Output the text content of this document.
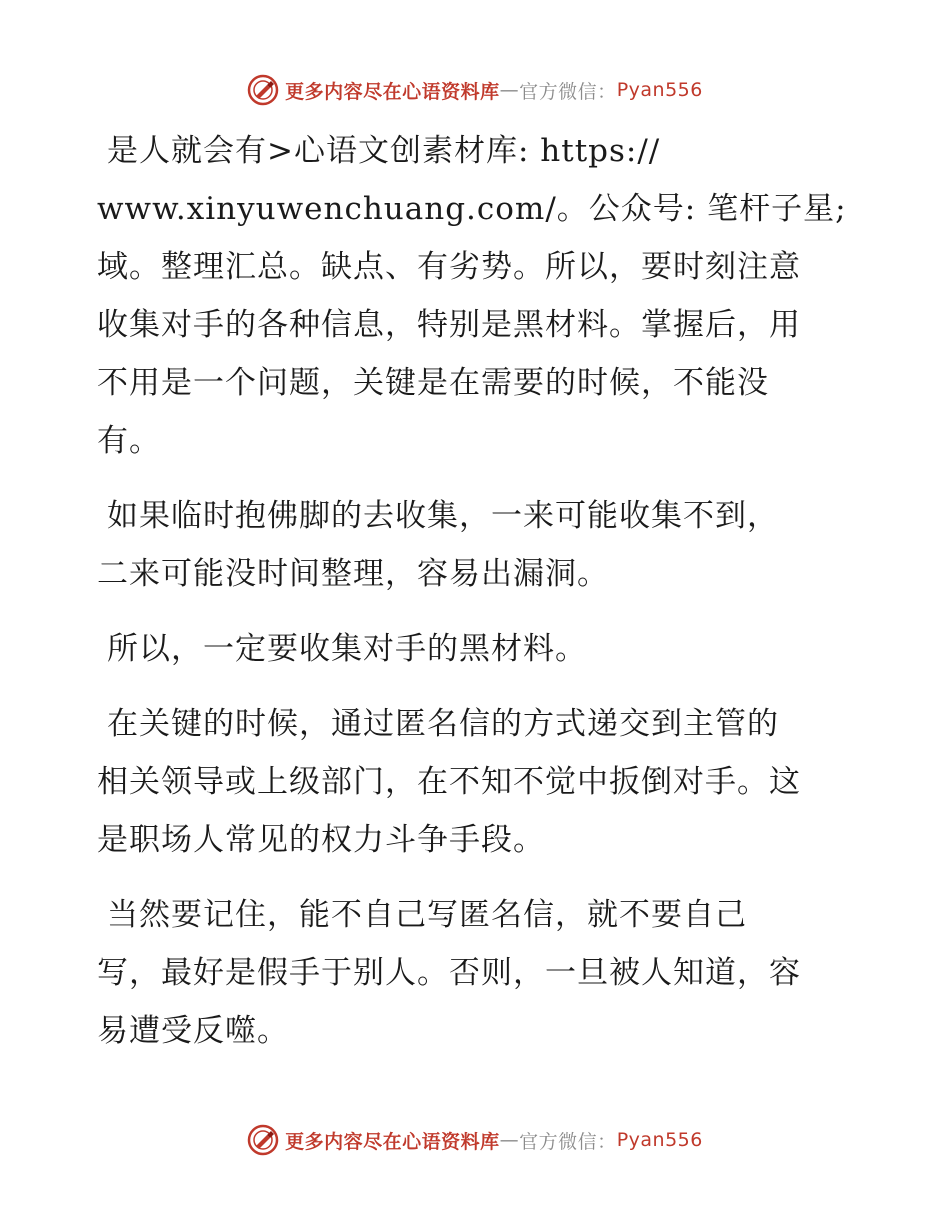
更多内容尽在心语资料库 — 官方微信： Pyan556

是人就会有>心语文创素材库: https://
www.xinyuwenchuang.com/。公众号: 笔杆子星;
域。整理汇总。缺点、有劣势。所以，要时刻注意
收集对手的各种信息，特别是黑材料。掌握后，用
不用是一个问题，关键是在需要的时候，不能没
有。

如果临时抱佛脚的去收集，一来可能收集不到，
二来可能没时间整理，容易出漏洞。

所以，一定要收集对手的黑材料。

在关键的时候，通过匿名信的方式递交到主管的
相关领导或上级部门，在不知不觉中扳倒对手。这
是职场人常见的权力斗争手段。

当然要记住，能不自己写匿名信，就不要自己
写，最好是假手于别人。否则，一旦被人知道，容
易遭受反噬。

更多内容尽在心语资料库 — 官方微信： Pyan556
